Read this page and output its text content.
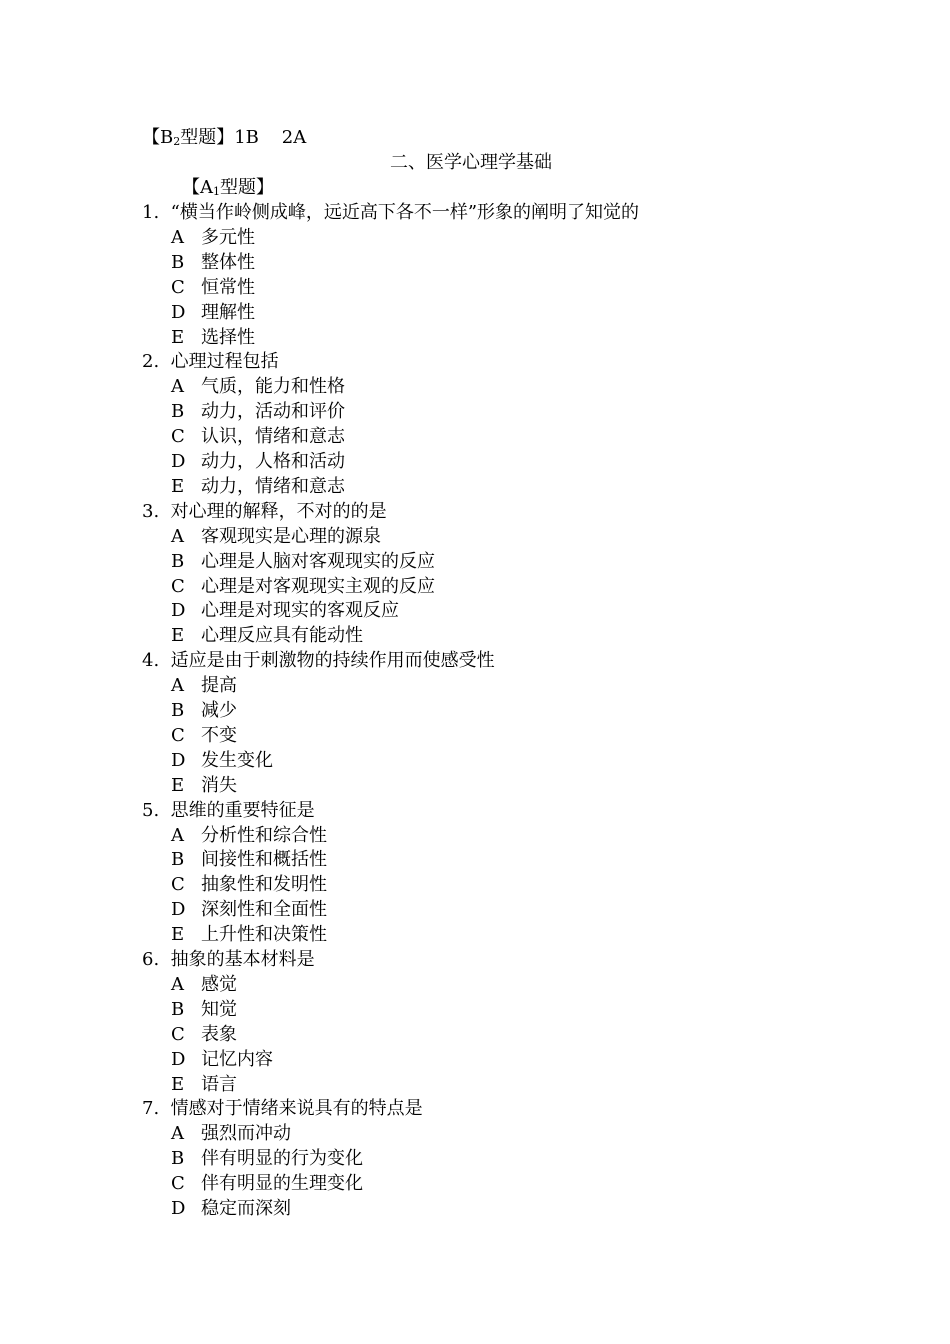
【$B_2$型题】1B    2A
二、医学心理学基础
【$A_1$型题】
1.  “横当作岭侧成峰，远近高下各不一样”形象的阐明了知觉的
A 多元性
B 整体性
C 恒常性
D 理解性
E 选择性
2.  心理过程包括
A 气质，能力和性格
B 动力，活动和评价
C 认识，情绪和意志
D 动力，人格和活动
E 动力，情绪和意志
3.  对心理的解释，不对的的是
A 客观现实是心理的源泉
B 心理是人脑对客观现实的反应
C 心理是对客观现实主观的反应
D 心理是对现实的客观反应
E 心理反应具有能动性
4.  适应是由于刺激物的持续作用而使感受性
A 提高
B 减少
C 不变
D 发生变化
E 消失
5.  思维的重要特征是
A 分析性和综合性
B 间接性和概括性
C 抽象性和发明性
D 深刻性和全面性
E 上升性和决策性
6.  抽象的基本材料是
A 感觉
B 知觉
C 表象
D 记忆内容
E 语言
7.  情感对于情绪来说具有的特点是
A 强烈而冲动
B 伴有明显的行为变化
C 伴有明显的生理变化
D 稳定而深刻
